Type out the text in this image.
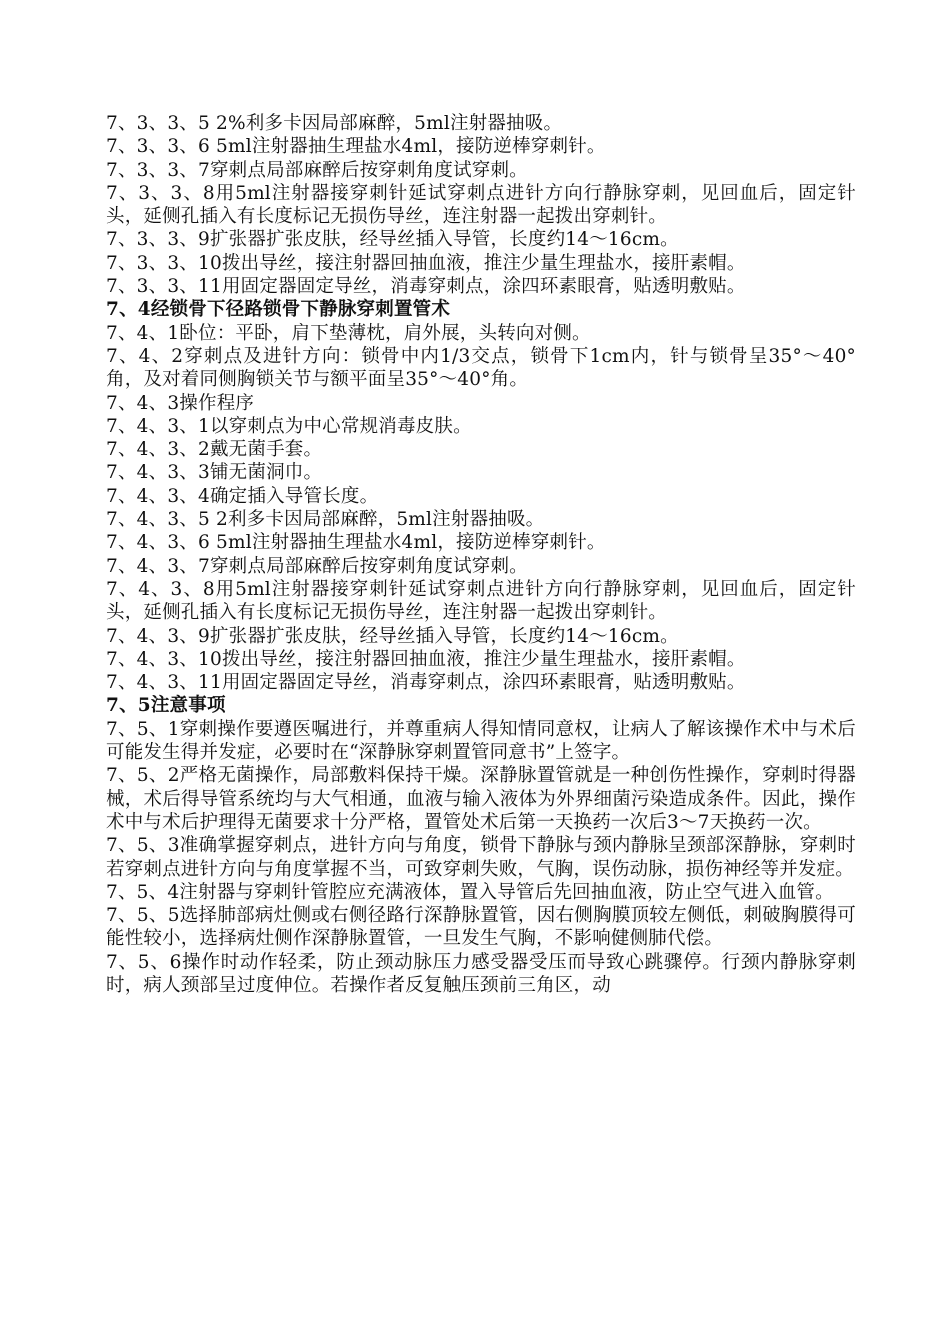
7、3、3、5 2%利多卡因局部麻醉，5ml注射器抽吸。

7、3、3、6 5ml注射器抽生理盐水4ml，接防逆棒穿刺针。

7、3、3、7穿刺点局部麻醉后按穿刺角度试穿刺。

7、3、3、8用5ml注射器接穿刺针延试穿刺点进针方向行静脉穿刺，见回血后，固定针头，延侧孔插入有长度标记无损伤导丝，连注射器一起拨出穿刺针。

7、3、3、9扩张器扩张皮肤，经导丝插入导管，长度约14～16cm。

7、3、3、10拨出导丝，接注射器回抽血液，推注少量生理盐水，接肝素帽。

7、3、3、11用固定器固定导丝，消毒穿刺点，涂四环素眼膏，贴透明敷贴。

7、4经锁骨下径路锁骨下静脉穿刺置管术

7、4、1卧位：平卧，肩下垫薄枕，肩外展，头转向对侧。

7、4、2穿刺点及进针方向：锁骨中内1/3交点，锁骨下1cm内，针与锁骨呈35°～40°角，及对着同侧胸锁关节与额平面呈35°～40°角。

7、4、3操作程序

7、4、3、1以穿刺点为中心常规消毒皮肤。

7、4、3、2戴无菌手套。

7、4、3、3铺无菌洞巾。

7、4、3、4确定插入导管长度。

7、4、3、5 2利多卡因局部麻醉，5ml注射器抽吸。

7、4、3、6 5ml注射器抽生理盐水4ml，接防逆棒穿刺针。

7、4、3、7穿刺点局部麻醉后按穿刺角度试穿刺。

7、4、3、8用5ml注射器接穿刺针延试穿刺点进针方向行静脉穿刺，见回血后，固定针头，延侧孔插入有长度标记无损伤导丝，连注射器一起拨出穿刺针。

7、4、3、9扩张器扩张皮肤，经导丝插入导管，长度约14～16cm。

7、4、3、10拨出导丝，接注射器回抽血液，推注少量生理盐水，接肝素帽。

7、4、3、11用固定器固定导丝，消毒穿刺点，涂四环素眼膏，贴透明敷贴。

7、5注意事项

7、5、1穿刺操作要遵医嘱进行，并尊重病人得知情同意权，让病人了解该操作术中与术后可能发生得并发症，必要时在“深静脉穿刺置管同意书”上签字。

7、5、2严格无菌操作，局部敷料保持干燥。深静脉置管就是一种创伤性操作，穿刺时得器械，术后得导管系统均与大气相通，血液与输入液体为外界细菌污染造成条件。因此，操作术中与术后护理得无菌要求十分严格，置管处术后第一天换药一次后3～7天换药一次。

7、5、3准确掌握穿刺点，进针方向与角度，锁骨下静脉与颈内静脉呈颈部深静脉，穿刺时若穿刺点进针方向与角度掌握不当，可致穿刺失败，气胸，误伤动脉，损伤神经等并发症。

7、5、4注射器与穿刺针管腔应充满液体，置入导管后先回抽血液，防止空气进入血管。

7、5、5选择肺部病灶侧或右侧径路行深静脉置管，因右侧胸膜顶较左侧低，刺破胸膜得可能性较小，选择病灶侧作深静脉置管，一旦发生气胸，不影响健侧肺代偿。

7、5、6操作时动作轻柔，防止颈动脉压力感受器受压而导致心跳骤停。行颈内静脉穿刺时，病人颈部呈过度伸位。若操作者反复触压颈前三角区，动
